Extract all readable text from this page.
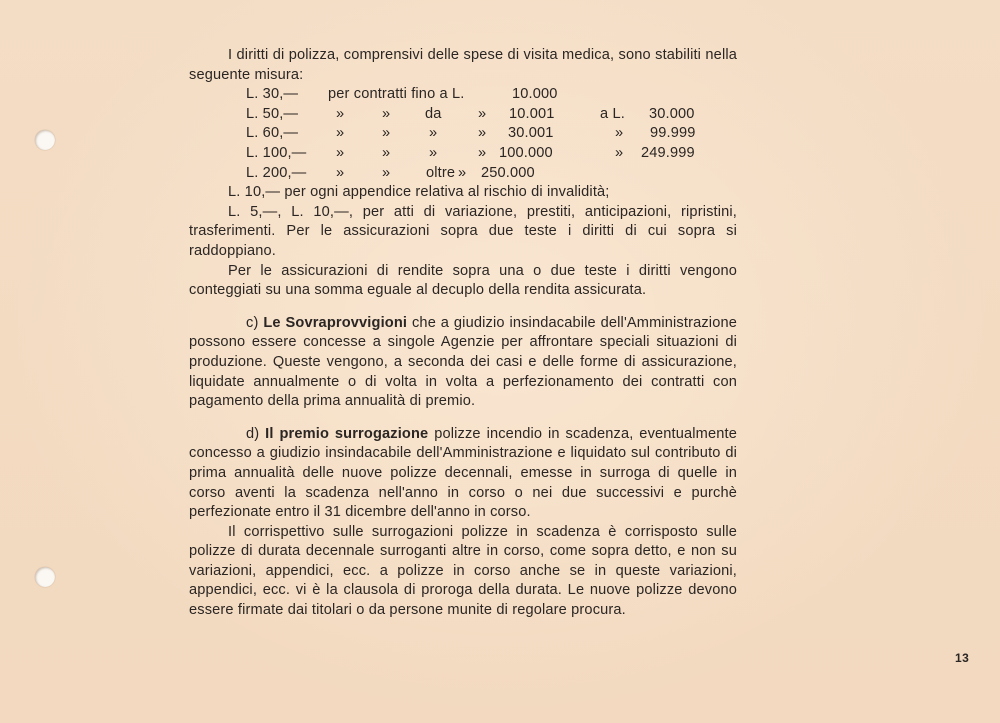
I diritti di polizza, comprensivi delle spese di visita medica, sono stabiliti nella seguente misura:

L. 30,— per contratti fino a L.	10.000
L. 50,—	»	» da » 10.001	a L. 30.000
L. 60,—	»	»	»	» 30.001	» 99.999
L. 100,— »	»	»	» 100.000	» 249.999
L. 200,— »	» oltre » 250.000

L. 10,— per ogni appendice relativa al rischio di invalidità;

L. 5,—, L. 10,—, per atti di variazione, prestiti, anticipazioni, ripristini, trasferimenti. Per le assicurazioni sopra due teste i diritti di cui sopra si raddoppiano.

Per le assicurazioni di rendite sopra una o due teste i diritti vengono conteggiati su una somma eguale al decuplo della rendita assicurata.

c) Le Sovraprovvigioni che a giudizio insindacabile dell'Amministrazione possono essere concesse a singole Agenzie per affrontare speciali situazioni di produzione. Queste vengono, a seconda dei casi e delle forme di assicurazione, liquidate annualmente o di volta in volta a perfezionamento dei contratti con pagamento della prima annualità di premio.

d) Il premio surrogazione polizze incendio in scadenza, eventualmente concesso a giudizio insindacabile dell'Amministrazione e liquidato sul contributo di prima annualità delle nuove polizze decennali, emesse in surroga di quelle in corso aventi la scadenza nell'anno in corso o nei due successivi e purchè perfezionate entro il 31 dicembre dell'anno in corso.

Il corrispettivo sulle surrogazioni polizze in scadenza è corrisposto sulle polizze di durata decennale surroganti altre in corso, come sopra detto, e non su variazioni, appendici, ecc. a polizze in corso anche se in queste variazioni, appendici, ecc. vi è la clausola di proroga della durata. Le nuove polizze devono essere firmate dai titolari o da persone munite di regolare procura.

13
